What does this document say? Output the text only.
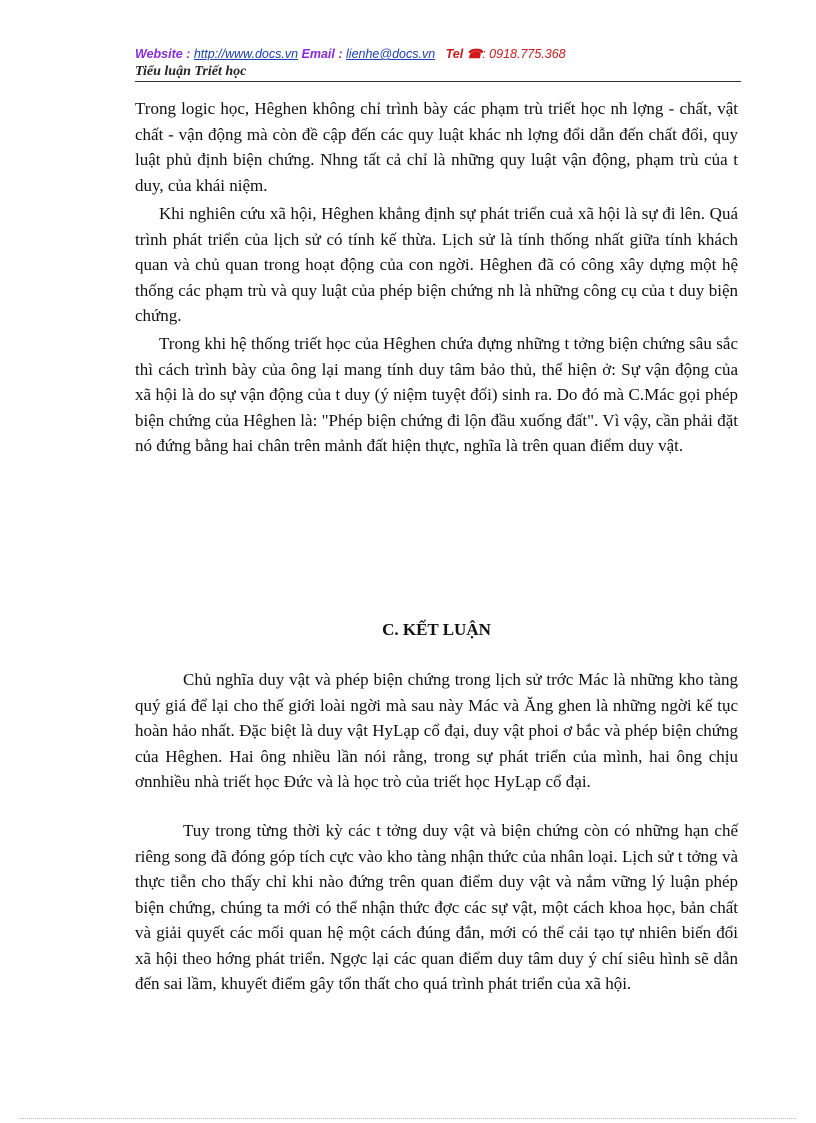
Website : http://www.docs.vn Email : lienhe@docs.vn Tel ☎: 0918.775.368
Tiểu luận Triết học

Trong logic học, Hêghen không chỉ trình bày các phạm trù triết học nh lợng - chất, vật chất - vận động mà còn đề cập đến các quy luật khác nh lợng đổi dẫn đến chất đổi, quy luật phủ định biện chứng. Nhng tất cả chỉ là những quy luật vận động, phạm trù của t duy, của khái niệm.

Khi nghiên cứu xã hội, Hêghen khẳng định sự phát triển cuả xã hội là sự đi lên. Quá trình phát triển của lịch sử có tính kế thừa. Lịch sử là tính thống nhất giữa tính khách quan và chủ quan trong hoạt động của con ngời. Hêghen đã có công xây dựng một hệ thống các phạm trù và quy luật của phép biện chứng nh là những công cụ của t duy biện chứng.

Trong khi hệ thống triết học của Hêghen chứa đựng những t tởng biện chứng sâu sắc thì cách trình bày của ông lại mang tính duy tâm bảo thủ, thể hiện ở: Sự vận động của xã hội là do sự vận động của t duy (ý niệm tuyệt đối) sinh ra. Do đó mà C.Mác gọi phép biện chứng của Hêghen là: "Phép biện chứng đi lộn đầu xuống đất". Vì vậy, cần phải đặt nó đứng bằng hai chân trên mảnh đất hiện thực, nghĩa là trên quan điểm duy vật.

C. KẾT LUẬN

Chủ nghĩa duy vật và phép biện chứng trong lịch sử trớc Mác là những kho tàng quý giá để lại cho thế giới loài ngời mà sau này Mác và Ăng ghen là những ngời kế tục hoàn hảo nhất. Đặc biệt là duy vật HyLạp cổ đại, duy vật phoi ơ bắc và phép biện chứng của Hêghen. Hai ông nhiều lần nói rằng, trong sự phát triển của mình, hai ông chịu ơnnhiều nhà triết học Đức và là học trò của triết học HyLạp cổ đại.

Tuy trong từng thời kỳ các t tởng duy vật và biện chứng còn có những hạn chế riêng song đã đóng góp tích cực vào kho tàng nhận thức của nhân loại. Lịch sử t tởng và thực tiễn cho thấy chỉ khi nào đứng trên quan điểm duy vật và nắm vững lý luận phép biện chứng, chúng ta mới có thể nhận thức đợc các sự vật, một cách khoa học, bản chất và giải quyết các mối quan hệ một cách đúng đắn, mới có thể cải tạo tự nhiên biến đổi xã hội theo hớng phát triển. Ngợc lại các quan điểm duy tâm duy ý chí siêu hình sẽ dẫn đến sai lầm, khuyết điểm gây tổn thất cho quá trình phát triển của xã hội.
